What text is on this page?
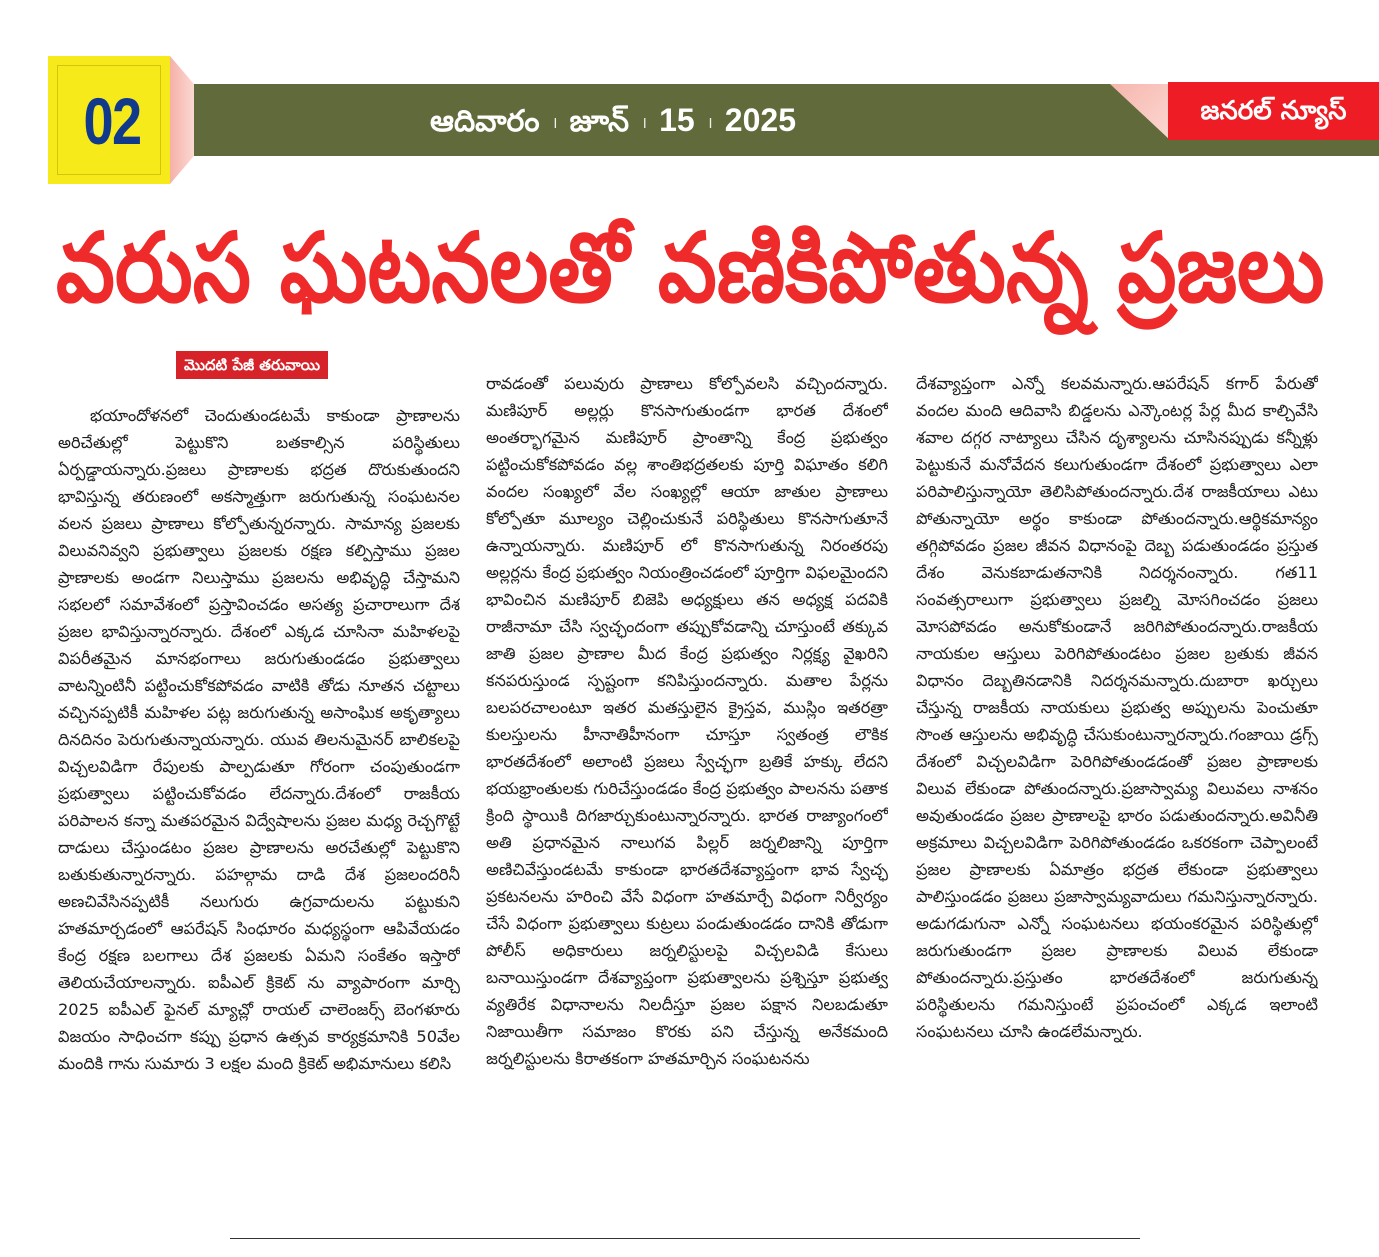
02	ఆదివారం । జూన్ । 15 । 2025	జనరల్ న్యూస్
వరుస ఘటనలతో వణికిపోతున్న ప్రజలు
మొదటి పేజీ తరువాయి

భయాందోళనలో చెందుతుండటమే కాకుండా ప్రాణాలను అరిచేతుల్లో పెట్టుకొని బతకాల్సిన పరిస్థితులు ఏర్పడ్డాయన్నారు.ప్రజలు ప్రాణాలకు భద్రత దొరుకుతుందని భావిస్తున్న తరుణంలో అకస్మాత్తుగా జరుగుతున్న సంఘటనల వలన ప్రజలు ప్రాణాలు కోల్పోతున్నరన్నారు. సామాన్య ప్రజలకు విలువనివ్వని ప్రభుత్వాలు ప్రజలకు రక్షణ కల్పిస్తాము ప్రజల ప్రాణాలకు అండగా నిలుస్తాము ప్రజలను అభివృద్ధి చేస్తామని సభలలో సమావేశంలో ప్రస్తావించడం అసత్య ప్రచారాలుగా దేశ ప్రజల భావిస్తున్నారన్నారు. దేశంలో ఎక్కడ చూసినా మహిళలపై విపరీతమైన మానభంగాలు జరుగుతుండడం ప్రభుత్వాలు వాటన్నింటినీ పట్టించుకోకపోవడం వాటికి తోడు నూతన చట్టాలు వచ్చినప్పటికీ మహిళల పట్ల జరుగుతున్న అసాంఘిక అకృత్యాలు దినదినం పెరుగుతున్నాయన్నారు. యువ తిలనుమైనర్ బాలికలపై విచ్చలవిడిగా రేపులకు పాల్పడుతూ గోరంగా చంపుతుండగా ప్రభుత్వాలు పట్టించుకోవడం లేదన్నారు.దేశంలో రాజకీయ పరిపాలన కన్నా మతపరమైన విద్వేషాలను ప్రజల మధ్య రెచ్చగొట్టే దాడులు చేస్తుండటం ప్రజల ప్రాణాలను అరచేతుల్లో పెట్టుకొని బతుకుతున్నారన్నారు. పహల్గామ దాడి దేశ ప్రజలందరినీ అణచివేసినప్పటికీ నలుగురు ఉగ్రవాదులను పట్టుకుని హతమార్చడంలో ఆపరేషన్ సింధూరం మధ్యస్థంగా ఆపివేయడం కేంద్ర రక్షణ బలగాలు దేశ ప్రజలకు ఏమని సంకేతం ఇస్తారో తెలియచేయాలన్నారు. ఐపీఎల్ క్రికెట్ ను వ్యాపారంగా మార్చి 2025 ఐపీఎల్ ఫైనల్ మ్యాచ్లో రాయల్ చాలెంజర్స్ బెంగళూరు విజయం సాధించగా కప్పు ప్రధాన ఉత్సవ కార్యక్రమానికి 50వేల మందికి గాను సుమారు 3 లక్షల మంది క్రికెట్ అభిమానులు కలిసి

రావడంతో పలువురు ప్రాణాలు కోల్పోవలసి వచ్చిందన్నారు. మణిపూర్ అల్లర్లు కొనసాగుతుండగా భారత దేశంలో అంతర్భాగమైన మణిపూర్ ప్రాంతాన్ని కేంద్ర ప్రభుత్వం పట్టించుకోకపోవడం వల్ల శాంతిభద్రతలకు పూర్తి విఘాతం కలిగి వందల సంఖ్యలో వేల సంఖ్యల్లో ఆయా జాతుల ప్రాణాలు కోల్పోతూ మూల్యం చెల్లించుకునే పరిస్థితులు కొనసాగుతూనే ఉన్నాయన్నారు. మణిపూర్ లో కొనసాగుతున్న నిరంతరపు అల్లర్లను కేంద్ర ప్రభుత్వం నియంత్రించడంలో పూర్తిగా విఫలమైందని భావించిన మణిపూర్ బిజెపి అధ్యక్షులు తన అధ్యక్ష పదవికి రాజీనామా చేసి స్వచ్ఛందంగా తప్పుకోవడాన్ని చూస్తుంటే తక్కువ జాతి ప్రజల ప్రాణాల మీద కేంద్ర ప్రభుత్వం నిర్లక్ష్య వైఖరిని కనపరుస్తుండ స్పష్టంగా కనిపిస్తుందన్నారు. మతాల పేర్లను బలపరచాలంటూ ఇతర మతస్తులైన క్రైస్తవ, ముస్లిం ఇతరత్రా కులస్తులను హీనాతిహీనంగా చూస్తూ స్వతంత్ర లౌకిక భారతదేశంలో అలాంటి ప్రజలు స్వేచ్ఛగా బ్రతికే హక్కు లేదని భయభ్రాంతులకు గురిచేస్తుండడం కేంద్ర ప్రభుత్వం పాలనను పతాక క్రింది స్థాయికి దిగజార్చుకుంటున్నారన్నారు. భారత రాజ్యాంగంలో అతి ప్రధానమైన నాలుగవ పిల్లర్ జర్నలిజాన్ని పూర్తిగా అణిచివేస్తుండటమే కాకుండా భారతదేశవ్యాప్తంగా భావ స్వేచ్ఛ ప్రకటనలను హరించి వేసే విధంగా హతమార్చే విధంగా నిర్వీర్యం చేసే విధంగా ప్రభుత్వాలు కుట్రలు పండుతుండడం దానికి తోడుగా పోలీస్ అధికారులు జర్నలిస్టులపై విచ్చలవిడి కేసులు బనాయిస్తుండగా దేశవ్యాప్తంగా ప్రభుత్వాలను ప్రశ్నిస్తూ ప్రభుత్వ వ్యతిరేక విధానాలను నిలదీస్తూ ప్రజల పక్షాన నిలబడుతూ నిజాయితీగా సమాజం కొరకు పని చేస్తున్న అనేకమంది జర్నలిస్టులను కిరాతకంగా హతమార్చిన సంఘటనను

దేశవ్యాప్తంగా ఎన్నో కలవమన్నారు.ఆపరేషన్ కగార్ పేరుతో వందల మంది ఆదివాసి బిడ్డలను ఎన్కౌంటర్ల పేర్ల మీద కాల్చివేసి శవాల దగ్గర నాట్యాలు చేసిన దృశ్యాలను చూసినప్పుడు కన్నీళ్లు పెట్టుకునే మనోవేదన కలుగుతుండగా దేశంలో ప్రభుత్వాలు ఎలా పరిపాలిస్తున్నాయో తెలిసిపోతుందన్నారు.దేశ రాజకీయాలు ఎటు పోతున్నాయో అర్థం కాకుండా పోతుందన్నారు.ఆర్థికమాన్యం తగ్గిపోవడం ప్రజల జీవన విధానంపై దెబ్బ పడుతుండడం ప్రస్తుత దేశం వెనుకబాడుతనానికి నిదర్శనంన్నారు. గత11 సంవత్సరాలుగా ప్రభుత్వాలు ప్రజల్ని మోసగించడం ప్రజలు మోసపోవడం అనుకోకుండానే జరిగిపోతుందన్నారు.రాజకీయ నాయకుల ఆస్తులు పెరిగిపోతుండటం ప్రజల బ్రతుకు జీవన విధానం దెబ్బతినడానికి నిదర్శనమన్నారు.దుబారా ఖర్చులు చేస్తున్న రాజకీయ నాయకులు ప్రభుత్వ అప్పులను పెంచుతూ సొంత ఆస్తులను అభివృద్ధి చేసుకుంటున్నారన్నారు.గంజాయి డ్రగ్స్ దేశంలో విచ్చలవిడిగా పెరిగిపోతుండడంతో ప్రజల ప్రాణాలకు విలువ లేకుండా పోతుందన్నారు.ప్రజాస్వామ్య విలువలు నాశనం అవుతుండడం ప్రజల ప్రాణాలపై భారం పడుతుందన్నారు.అవినీతి అక్రమాలు విచ్చలవిడిగా పెరిగిపోతుండడం ఒకరకంగా చెప్పాలంటే ప్రజల ప్రాణాలకు ఏమాత్రం భద్రత లేకుండా ప్రభుత్వాలు పాలిస్తుండడం ప్రజలు ప్రజాస్వామ్యవాదులు గమనిస్తున్నారన్నారు. అడుగడుగునా ఎన్నో సంఘటనలు భయంకరమైన పరిస్థితుల్లో జరుగుతుండగా ప్రజల ప్రాణాలకు విలువ లేకుండా పోతుందన్నారు.ప్రస్తుతం భారతదేశంలో జరుగుతున్న పరిస్థితులను గమనిస్తుంటే ప్రపంచంలో ఎక్కడ ఇలాంటి సంఘటనలు చూసి ఉండలేమన్నారు.
